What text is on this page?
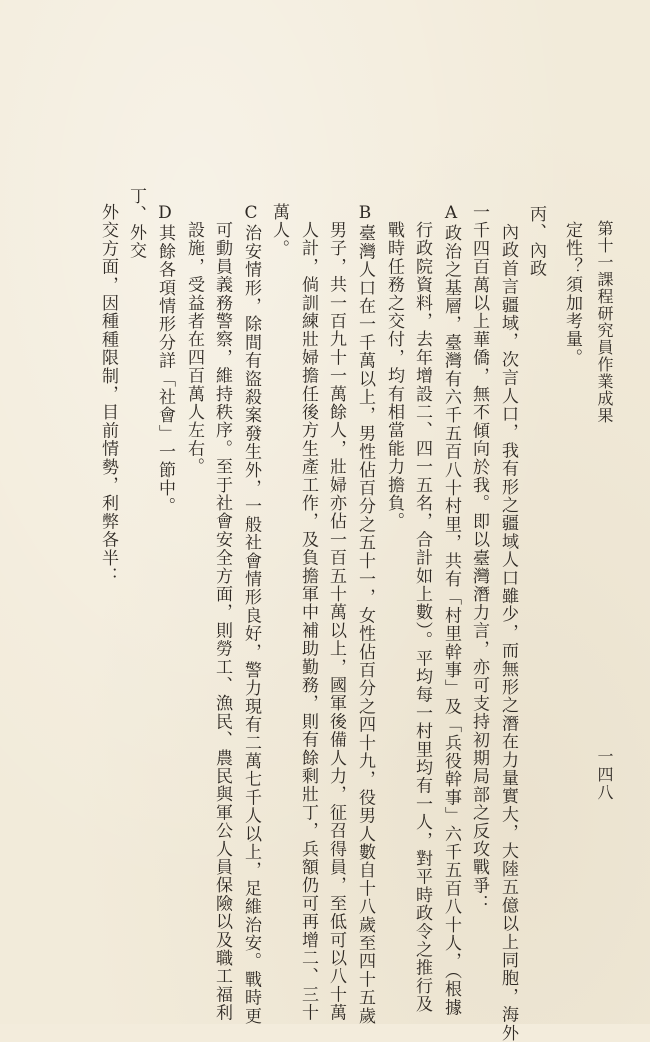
第十一課程研究員作業成果
一四八
定性？須加考量。
丙、內政
內政首言疆域，次言人口，我有形之疆域人口雖少，而無形之潛在力量實大，大陸五億以上同胞，海外
一千四百萬以上華僑，無不傾向於我。即以臺灣潛力言，亦可支持初期局部之反攻戰爭：
A政治之基層，臺灣有六千五百八十村里，共有「村里幹事」及「兵役幹事」六千五百八十人，（根據
行政院資料，去年增設二、四一五名，合計如上數）。平均每一村里均有一人，對平時政令之推行及
戰時任務之交付，均有相當能力擔負。
B臺灣人口在一千萬以上，男性佔百分之五十一，女性佔百分之四十九，役男人數自十八歲至四十五歲
男子，共一百九十一萬餘人，壯婦亦佔一百五十萬以上，國軍後備人力，征召得員，至低可以八十萬
人計，倘訓練壯婦擔任後方生產工作，及負擔軍中補助勤務，則有餘剩壯丁，兵額仍可再增二、三十
萬人。
C治安情形，除間有盜殺案發生外，一般社會情形良好，警力現有二萬七千人以上，足維治安。戰時更
可動員義務警察，維持秩序。至于社會安全方面，則勞工、漁民、農民與軍公人員保險以及職工福利
設施，受益者在四百萬人左右。
D其餘各項情形分詳「社會」一節中。
丁、外交
外交方面，因種種限制，目前情勢，利弊各半：
